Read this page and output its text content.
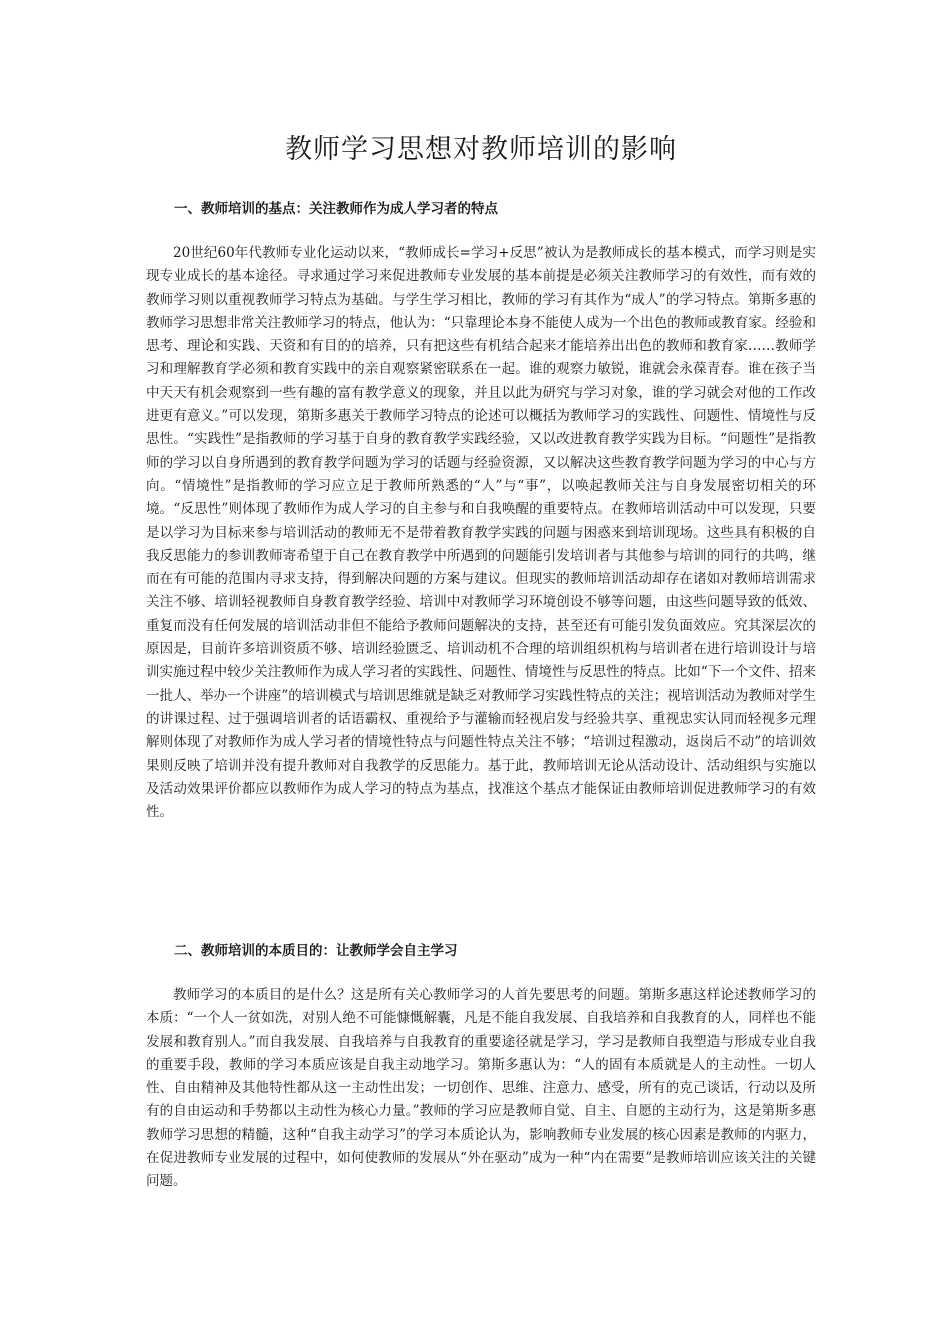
教师学习思想对教师培训的影响
一、教师培训的基点：关注教师作为成人学习者的特点

20世纪60年代教师专业化运动以来，“教师成长=学习+反思”被认为是教师成长的基本模式，而学习则是实现专业成长的基本途径。寻求通过学习来促进教师专业发展的基本前提是必须关注教师学习的有效性，而有效的教师学习则以重视教师学习特点为基础。与学生学习相比，教师的学习有其作为“成人”的学习特点。第斯多惠的教师学习思想非常关注教师学习的特点，他认为：“只靠理论本身不能使人成为一个出色的教师或教育家。经验和思考、理论和实践、天资和有目的的培养，只有把这些有机结合起来才能培养出出色的教师和教育家……教师学习和理解教育学必须和教育实践中的亲自观察紧密联系在一起。谁的观察力敏锐，谁就会永葆青春。谁在孩子当中天天有机会观察到一些有趣的富有教学意义的现象，并且以此为研究与学习对象，谁的学习就会对他的工作改进更有意义。”可以发现，第斯多惠关于教师学习特点的论述可以概括为教师学习的实践性、问题性、情境性与反思性。“实践性”是指教师的学习基于自身的教育教学实践经验，又以改进教育教学实践为目标。“问题性”是指教师的学习以自身所遇到的教育教学问题为学习的话题与经验资源，又以解决这些教育教学问题为学习的中心与方向。“情境性”是指教师的学习应立足于教师所熟悉的“人”与“事”，以唤起教师关注与自身发展密切相关的环境。“反思性”则体现了教师作为成人学习的自主参与和自我唤醒的重要特点。在教师培训活动中可以发现，只要是以学习为目标来参与培训活动的教师无不是带着教育教学实践的问题与困惑来到培训现场。这些具有积极的自我反思能力的参训教师寄希望于自己在教育教学中所遇到的问题能引发培训者与其他参与培训的同行的共鸣，继而在有可能的范围内寻求支持，得到解决问题的方案与建议。但现实的教师培训活动却存在诸如对教师培训需求关注不够、培训轻视教师自身教育教学经验、培训中对教师学习环境创设不够等问题，由这些问题导致的低效、重复而没有任何发展的培训活动非但不能给予教师问题解决的支持，甚至还有可能引发负面效应。究其深层次的原因是，目前许多培训资质不够、培训经验匮乏、培训动机不合理的培训组织机构与培训者在进行培训设计与培训实施过程中较少关注教师作为成人学习者的实践性、问题性、情境性与反思性的特点。比如“下一个文件、招来一批人、举办一个讲座”的培训模式与培训思维就是缺乏对教师学习实践性特点的关注；视培训活动为教师对学生的讲课过程、过于强调培训者的话语霸权、重视给予与灌输而轻视启发与经验共享、重视忠实认同而轻视多元理解则体现了对教师作为成人学习者的情境性特点与问题性特点关注不够；“培训过程激动，返岗后不动”的培训效果则反映了培训并没有提升教师对自我教学的反思能力。基于此，教师培训无论从活动设计、活动组织与实施以及活动效果评价都应以教师作为成人学习的特点为基点，找准这个基点才能保证由教师培训促进教师学习的有效性。

二、教师培训的本质目的：让教师学会自主学习

教师学习的本质目的是什么？这是所有关心教师学习的人首先要思考的问题。第斯多惠这样论述教师学习的本质：“一个人一贫如洗，对别人绝不可能慷慨解囊，凡是不能自我发展、自我培养和自我教育的人，同样也不能发展和教育别人。”而自我发展、自我培养与自我教育的重要途径就是学习，学习是教师自我塑造与形成专业自我的重要手段，教师的学习本质应该是自我主动地学习。第斯多惠认为：“人的固有本质就是人的主动性。一切人性、自由精神及其他特性都从这一主动性出发；一切创作、思维、注意力、感受，所有的克己谈话，行动以及所有的自由运动和手势都以主动性为核心力量。”教师的学习应是教师自觉、自主、自愿的主动行为，这是第斯多惠教师学习思想的精髓，这种“自我主动学习”的学习本质论认为，影响教师专业发展的核心因素是教师的内驱力，在促进教师专业发展的过程中，如何使教师的发展从“外在驱动”成为一种“内在需要”是教师培训应该关注的关键问题。
